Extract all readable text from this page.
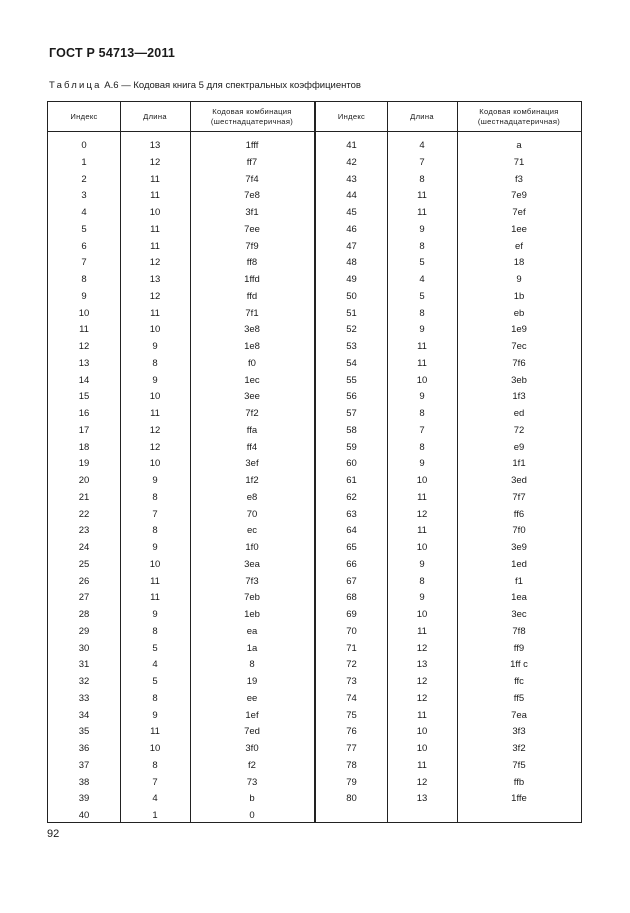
ГОСТ Р 54713—2011
Таблица А.6 — Кодовая книга 5 для спектральных коэффициентов
Индекс	Длина
Кодовая комбинация (шестнадцатеричная)
0	13	1fff
1	12	ff7
2	11	7f4
3	11	7e8
4	10	3f1
5	11	7ee
6	11	7f9
7	12	ff8
8	13	1ffd
9	12	ffd
10	11	7f1
11	10	3e8
12	9	1e8
13	8	f0
14	9	1ec
15	10	3ee
16	11	7f2
17	12	ffa
18	12	ff4
19	10	3ef
20	9	1f2
21	8	e8
22	7	70
23	8	ec
24	9	1f0
25	10	3ea
26	11	7f3
27	11	7eb
28	9	1eb
29	8	ea
30	5	1a
31	4	8
32	5	19
33	8	ee
34	9	1ef
35	11	7ed
36	10	3f0
37	8	f2
38	7	73
39	4	b
40	1	0
Индекс	Длина
Кодовая комбинация (шестнадцатеричная)
41	4	a
42	7	71
43	8	f3
44	11	7e9
45	11	7ef
46	9	1ee
47	8	ef
48	5	18
49	4	9
50	5	1b
51	8	eb
52	9	1e9
53	11	7ec
54	11	7f6
55	10	3eb
56	9	1f3
57	8	ed
58	7	72
59	8	e9
60	9	1f1
61	10	3ed
62	11	7f7
63	12	ff6
64	11	7f0
65	10	3e9
66	9	1ed
67	8	f1
68	9	1ea
69	10	3ec
70	11	7f8
71	12	ff9
72	13	1ff c
73	12	ffc
74	12	ff5
75	11	7ea
76	10	3f3
77	10	3f2
78	11	7f5
79	12	ffb
80	13	1ffe
92
